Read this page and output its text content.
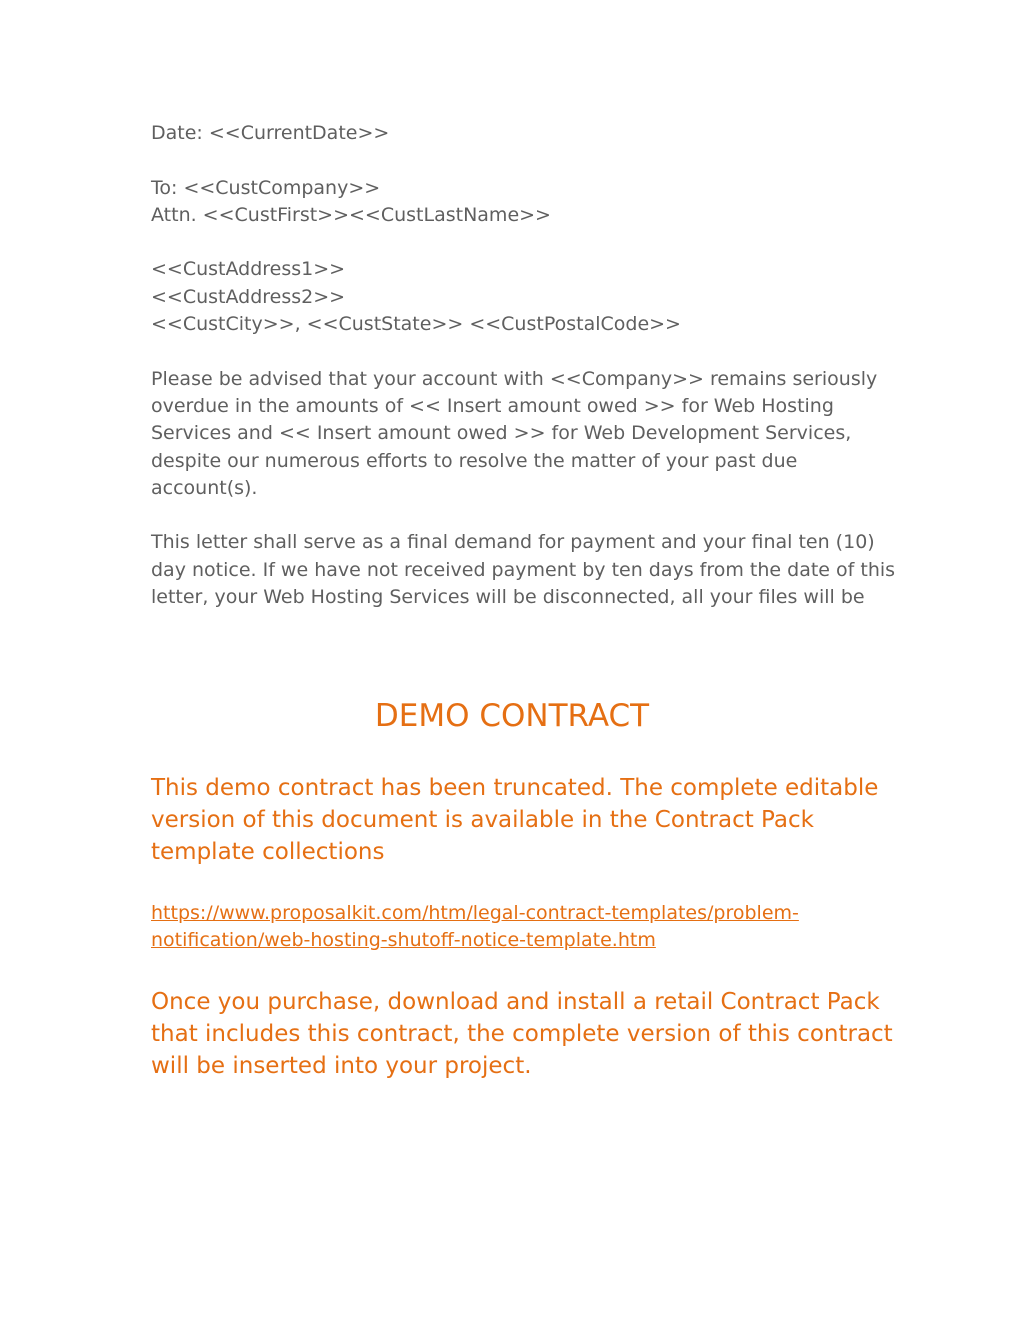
Date: <<CurrentDate>>

To: <<CustCompany>>

Attn. <<CustFirst>><<CustLastName>>

<<CustAddress1>>

<<CustAddress2>>

<<CustCity>>, <<CustState>> <<CustPostalCode>>

Please be advised that your account with <<Company>> remains seriously

overdue in the amounts of << Insert amount owed >> for Web Hosting

Services and << Insert amount owed >> for Web Development Services,

despite our numerous efforts to resolve the matter of your past due

account(s).

This letter shall serve as a final demand for payment and your final ten (10)

day notice. If we have not received payment by ten days from the date of this

letter, your Web Hosting Services will be disconnected, all your files will be

DEMO CONTRACT

This demo contract has been truncated. The complete editable

version of this document is available in the Contract Pack

template collections

https://www.proposalkit.com/htm/legal-contract-templates/problem-

notification/web-hosting-shutoff-notice-template.htm

Once you purchase, download and install a retail Contract Pack

that includes this contract, the complete version of this contract

will be inserted into your project.
